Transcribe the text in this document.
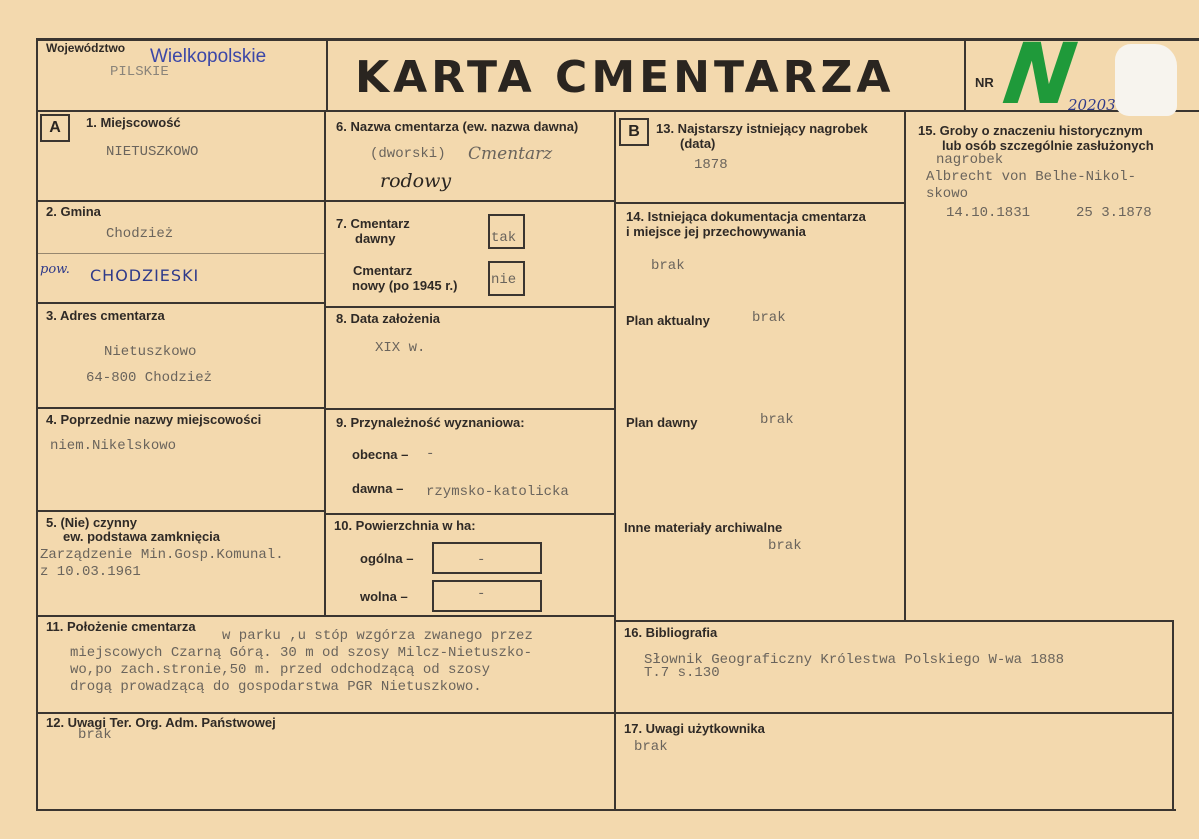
Województwo Wielkopolskie
PILSKIE	KARTA CMENTARZA	NR N
20203
A	B
1. Miejscowość
NIETUSZKOWO
2. Gmina
Chodzież
pow. CHODZIESKI
3. Adres cmentarza
Nietuszkowo
64-800 Chodzież
4. Poprzednie nazwy miejscowości
niem.Nikelskowo
5. (Nie) czynny
ew. podstawa zamknięcia
Zarządzenie Min.Gosp.Komunal.
z 10.03.1961
6. Nazwa cmentarza (ew. nazwa dawna)
(dworski) Cmentarz
rodowy
7. Cmentarz
dawny	tak
Cmentarz
nowy (po 1945 r.) nie
8. Data założenia
XIX w.
9. Przynależność wyznaniowa:
obecna – -
dawna – rzymsko-katolicka
10. Powierzchnia w ha:
ogólna –	-
wolna –	-
11. Położenie cmentarza
w parku ,u stóp wzgórza zwanego przez
miejscowych Czarną Górą. 30 m od szosy Milcz-Nietuszko-
wo,po zach.stronie,50 m. przed odchodzącą od szosy
drogą prowadzącą do gospodarstwa PGR Nietuszkowo.
12. Uwagi Ter. Org. Adm. Państwowej
brak
13. Najstarszy istniejący nagrobek
(data)
1878
14. Istniejąca dokumentacja cmentarza
i miejsce jej przechowywania
brak
Plan aktualny	brak
Plan dawny	brak
Inne materiały archiwalne
brak
15. Groby o znaczeniu historycznym
lub osób szczególnie zasłużonych
nagrobek
Albrecht von Belhe-Nikol-
skowo
14.10.1831	25 3.1878
16. Bibliografia
Słownik Geograficzny Królestwa Polskiego W-wa 1888
T.7 s.130
17. Uwagi użytkownika
brak
